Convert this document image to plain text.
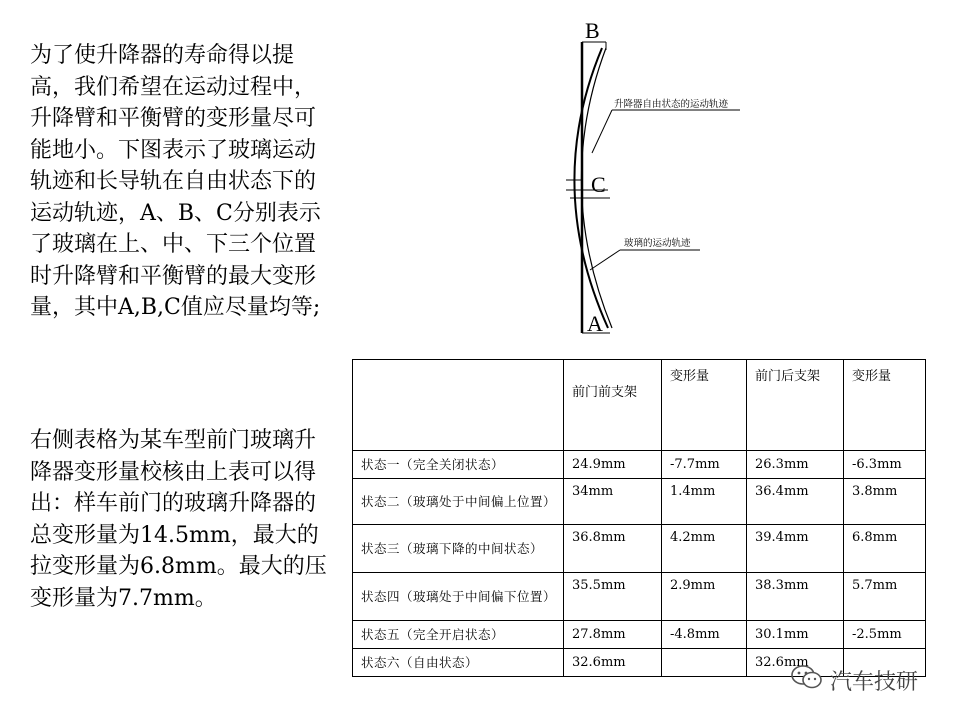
为了使升降器的寿命得以提高，我们希望在运动过程中，升降臂和平衡臂的变形量尽可能地小。下图表示了玻璃运动轨迹和长导轨在自由状态下的运动轨迹，A、B、C分别表示了玻璃在上、中、下三个位置时升降臂和平衡臂的最大变形量，其中A,B,C值应尽量均等;

右侧表格为某车型前门玻璃升降器变形量校核由上表可以得出：样车前门的玻璃升降器的总变形量为14.5mm，最大的拉变形量为6.8mm。最大的压变形量为7.7mm。

B
C
A
升降器自由状态的运动轨迹
玻璃的运动轨迹
	前门前支架	变形量	前门后支架	变形量
状态一（完全关闭状态）	24.9mm	-7.7mm	26.3mm	-6.3mm
状态二（玻璃处于中间偏上位置）	34mm	1.4mm	36.4mm	3.8mm
状态三（玻璃下降的中间状态）	36.8mm	4.2mm	39.4mm	6.8mm
状态四（玻璃处于中间偏下位置）	35.5mm	2.9mm	38.3mm	5.7mm
状态五（完全开启状态）	27.8mm	-4.8mm	30.1mm	-2.5mm
状态六（自由状态）	32.6mm		32.6mm	
汽车技研
